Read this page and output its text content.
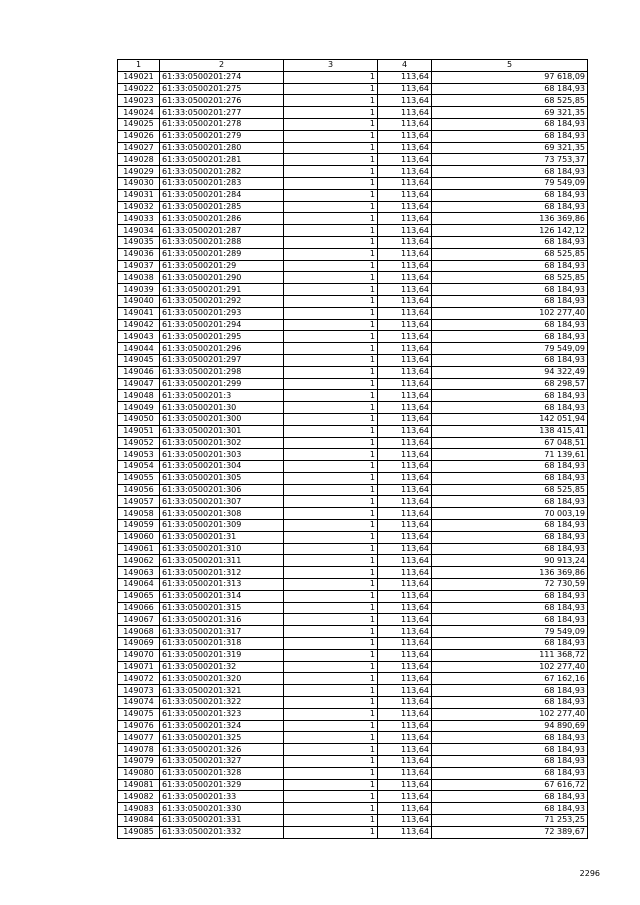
1	2	3	4	5
149021	61:33:0500201:274	1	113,64	97 618,09
149022	61:33:0500201:275	1	113,64	68 184,93
149023	61:33:0500201:276	1	113,64	68 525,85
149024	61:33:0500201:277	1	113,64	69 321,35
149025	61:33:0500201:278	1	113,64	68 184,93
149026	61:33:0500201:279	1	113,64	68 184,93
149027	61:33:0500201:280	1	113,64	69 321,35
149028	61:33:0500201:281	1	113,64	73 753,37
149029	61:33:0500201:282	1	113,64	68 184,93
149030	61:33:0500201:283	1	113,64	79 549,09
149031	61:33:0500201:284	1	113,64	68 184,93
149032	61:33:0500201:285	1	113,64	68 184,93
149033	61:33:0500201:286	1	113,64	136 369,86
149034	61:33:0500201:287	1	113,64	126 142,12
149035	61:33:0500201:288	1	113,64	68 184,93
149036	61:33:0500201:289	1	113,64	68 525,85
149037	61:33:0500201:29	1	113,64	68 184,93
149038	61:33:0500201:290	1	113,64	68 525,85
149039	61:33:0500201:291	1	113,64	68 184,93
149040	61:33:0500201:292	1	113,64	68 184,93
149041	61:33:0500201:293	1	113,64	102 277,40
149042	61:33:0500201:294	1	113,64	68 184,93
149043	61:33:0500201:295	1	113,64	68 184,93
149044	61:33:0500201:296	1	113,64	79 549,09
149045	61:33:0500201:297	1	113,64	68 184,93
149046	61:33:0500201:298	1	113,64	94 322,49
149047	61:33:0500201:299	1	113,64	68 298,57
149048	61:33:0500201:3	1	113,64	68 184,93
149049	61:33:0500201:30	1	113,64	68 184,93
149050	61:33:0500201:300	1	113,64	142 051,94
149051	61:33:0500201:301	1	113,64	138 415,41
149052	61:33:0500201:302	1	113,64	67 048,51
149053	61:33:0500201:303	1	113,64	71 139,61
149054	61:33:0500201:304	1	113,64	68 184,93
149055	61:33:0500201:305	1	113,64	68 184,93
149056	61:33:0500201:306	1	113,64	68 525,85
149057	61:33:0500201:307	1	113,64	68 184,93
149058	61:33:0500201:308	1	113,64	70 003,19
149059	61:33:0500201:309	1	113,64	68 184,93
149060	61:33:0500201:31	1	113,64	68 184,93
149061	61:33:0500201:310	1	113,64	68 184,93
149062	61:33:0500201:311	1	113,64	90 913,24
149063	61:33:0500201:312	1	113,64	136 369,86
149064	61:33:0500201:313	1	113,64	72 730,59
149065	61:33:0500201:314	1	113,64	68 184,93
149066	61:33:0500201:315	1	113,64	68 184,93
149067	61:33:0500201:316	1	113,64	68 184,93
149068	61:33:0500201:317	1	113,64	79 549,09
149069	61:33:0500201:318	1	113,64	68 184,93
149070	61:33:0500201:319	1	113,64	111 368,72
149071	61:33:0500201:32	1	113,64	102 277,40
149072	61:33:0500201:320	1	113,64	67 162,16
149073	61:33:0500201:321	1	113,64	68 184,93
149074	61:33:0500201:322	1	113,64	68 184,93
149075	61:33:0500201:323	1	113,64	102 277,40
149076	61:33:0500201:324	1	113,64	94 890,69
149077	61:33:0500201:325	1	113,64	68 184,93
149078	61:33:0500201:326	1	113,64	68 184,93
149079	61:33:0500201:327	1	113,64	68 184,93
149080	61:33:0500201:328	1	113,64	68 184,93
149081	61:33:0500201:329	1	113,64	67 616,72
149082	61:33:0500201:33	1	113,64	68 184,93
149083	61:33:0500201:330	1	113,64	68 184,93
149084	61:33:0500201:331	1	113,64	71 253,25
149085	61:33:0500201:332	1	113,64	72 389,67
2296
